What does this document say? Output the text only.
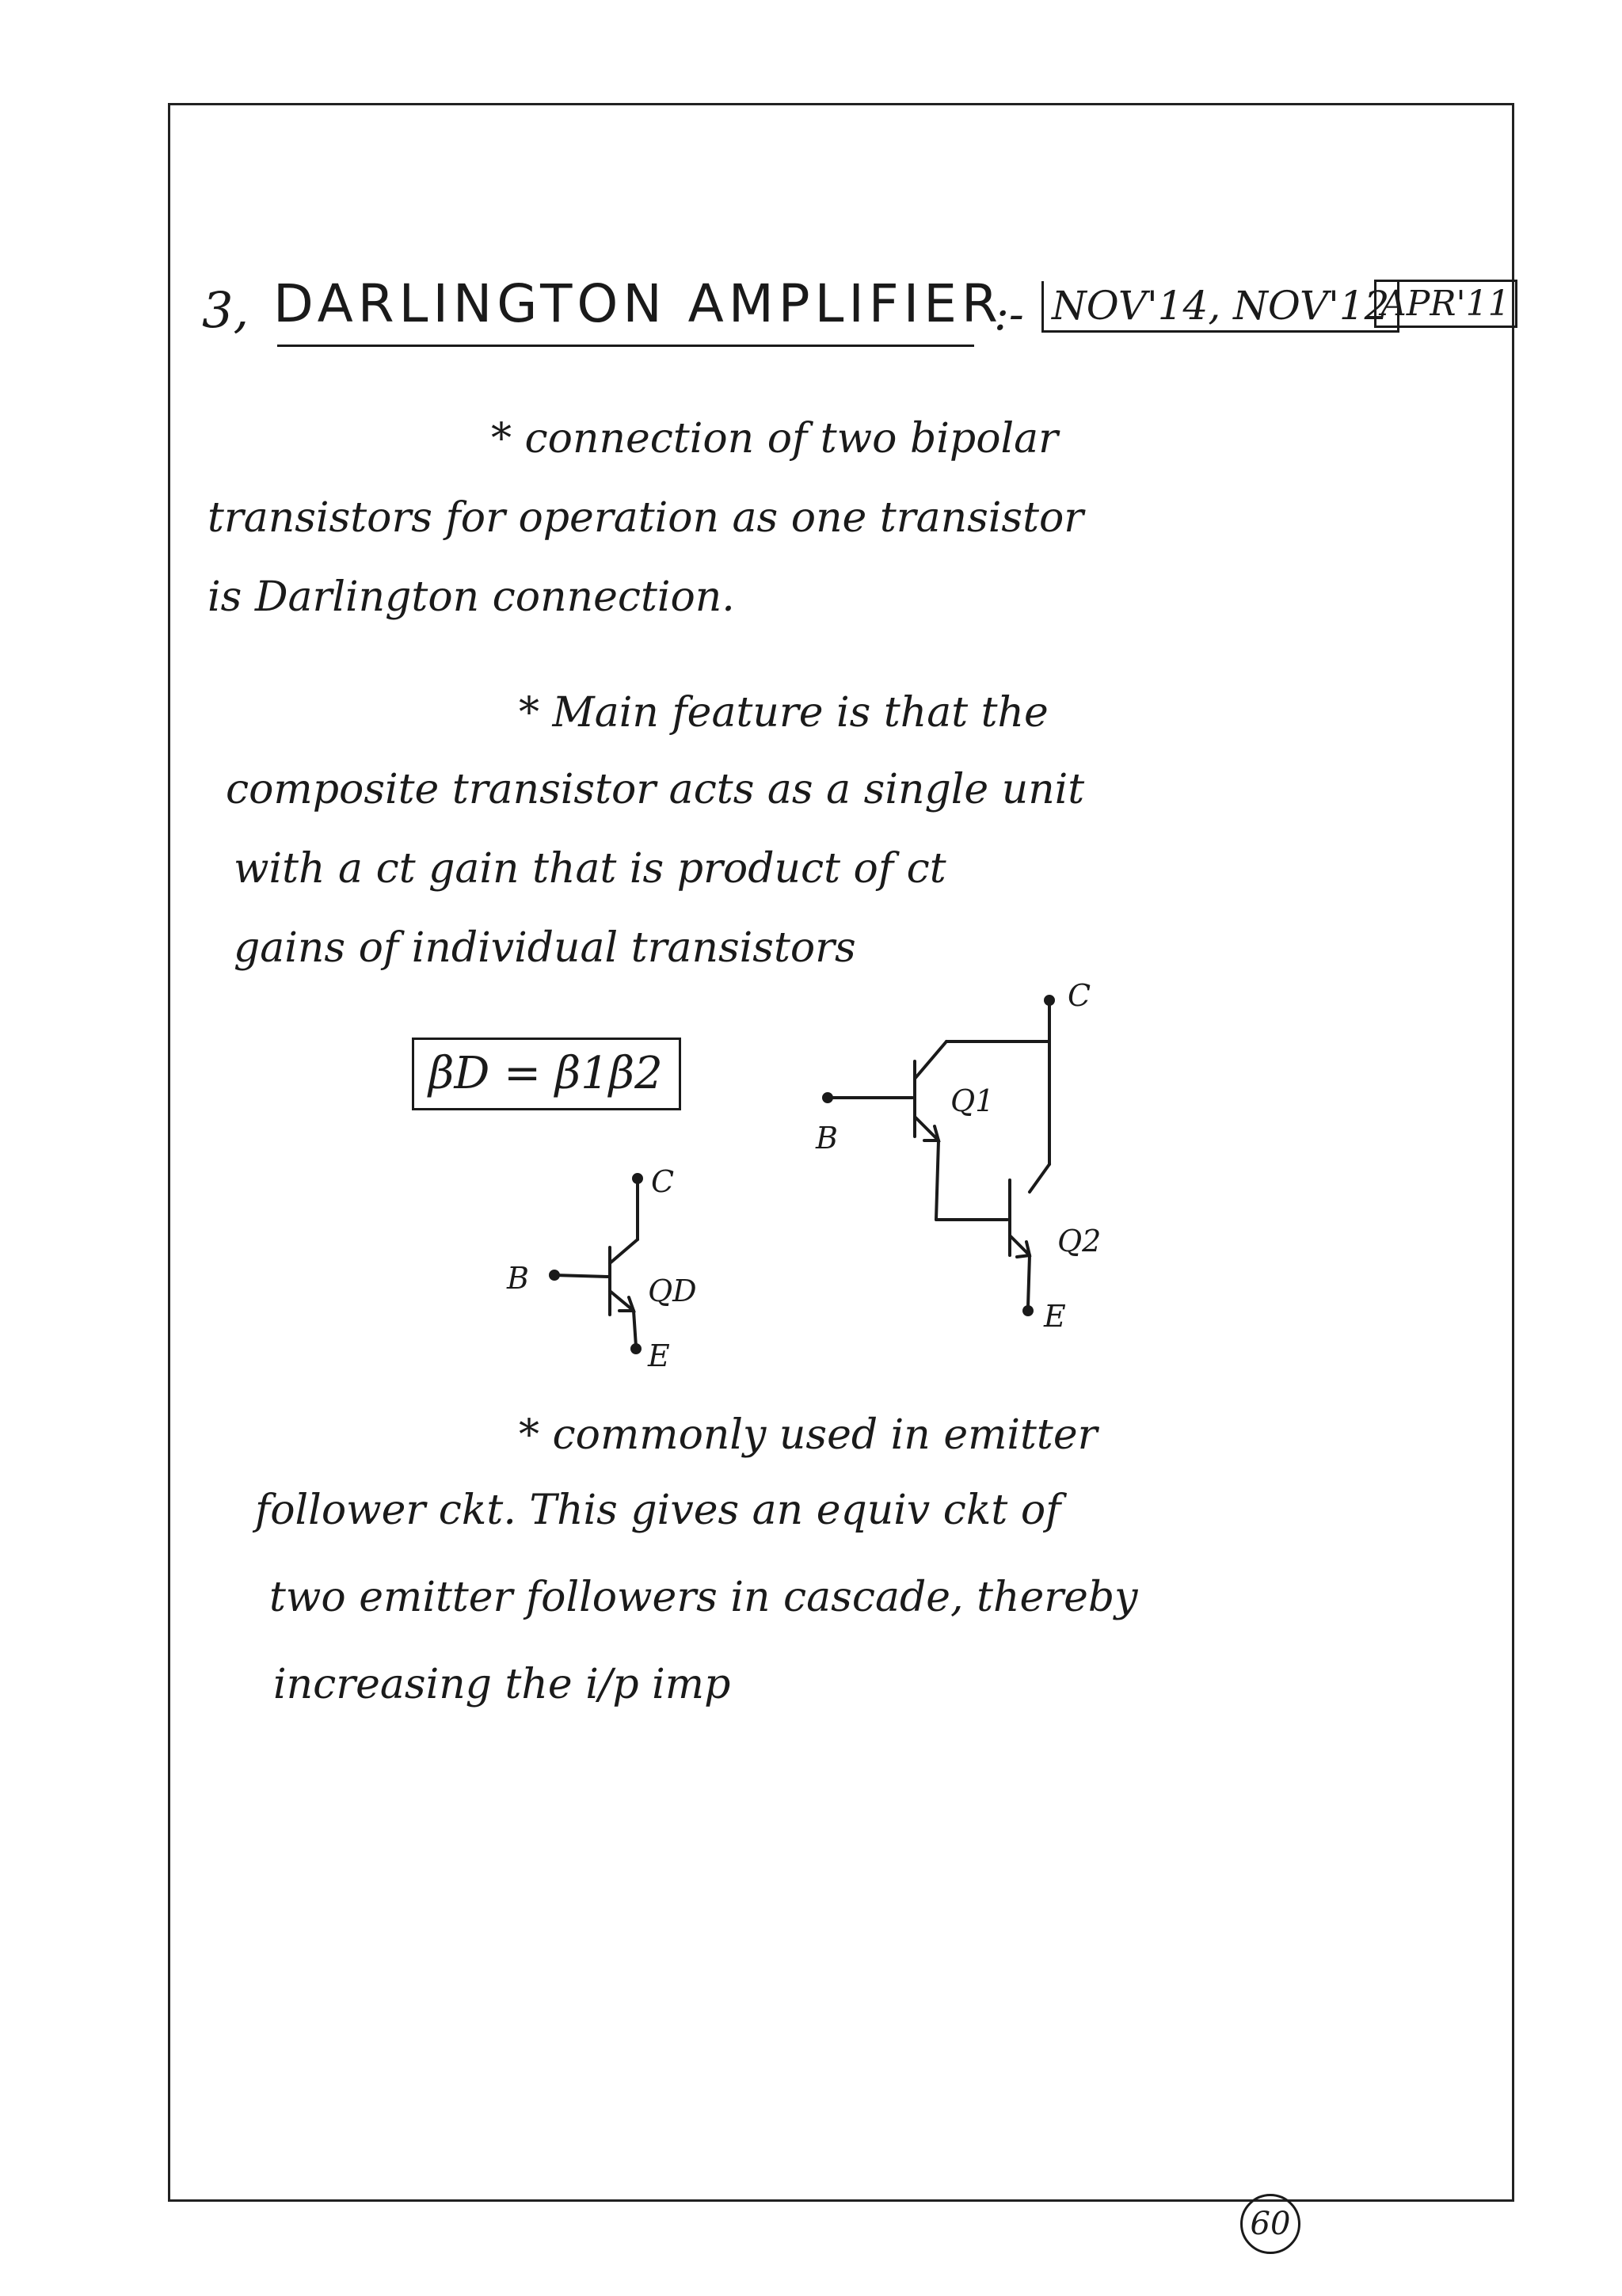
3, DARLINGTON AMPLIFIER
:- NOV'14, NOV'12
APR'11
* connection of two bipolar
transistors for operation as one transistor
is Darlington connection.
* Main feature is that the
composite transistor acts as a single unit
with a ct gain that is product of ct
gains of individual transistors
βD = β1β2
B
C
E
QD
B
C
E
Q1
Q2
* commonly used in emitter
follower ckt. This gives an equiv ckt of
two emitter followers in cascade, thereby
increasing the i/p imp
60
